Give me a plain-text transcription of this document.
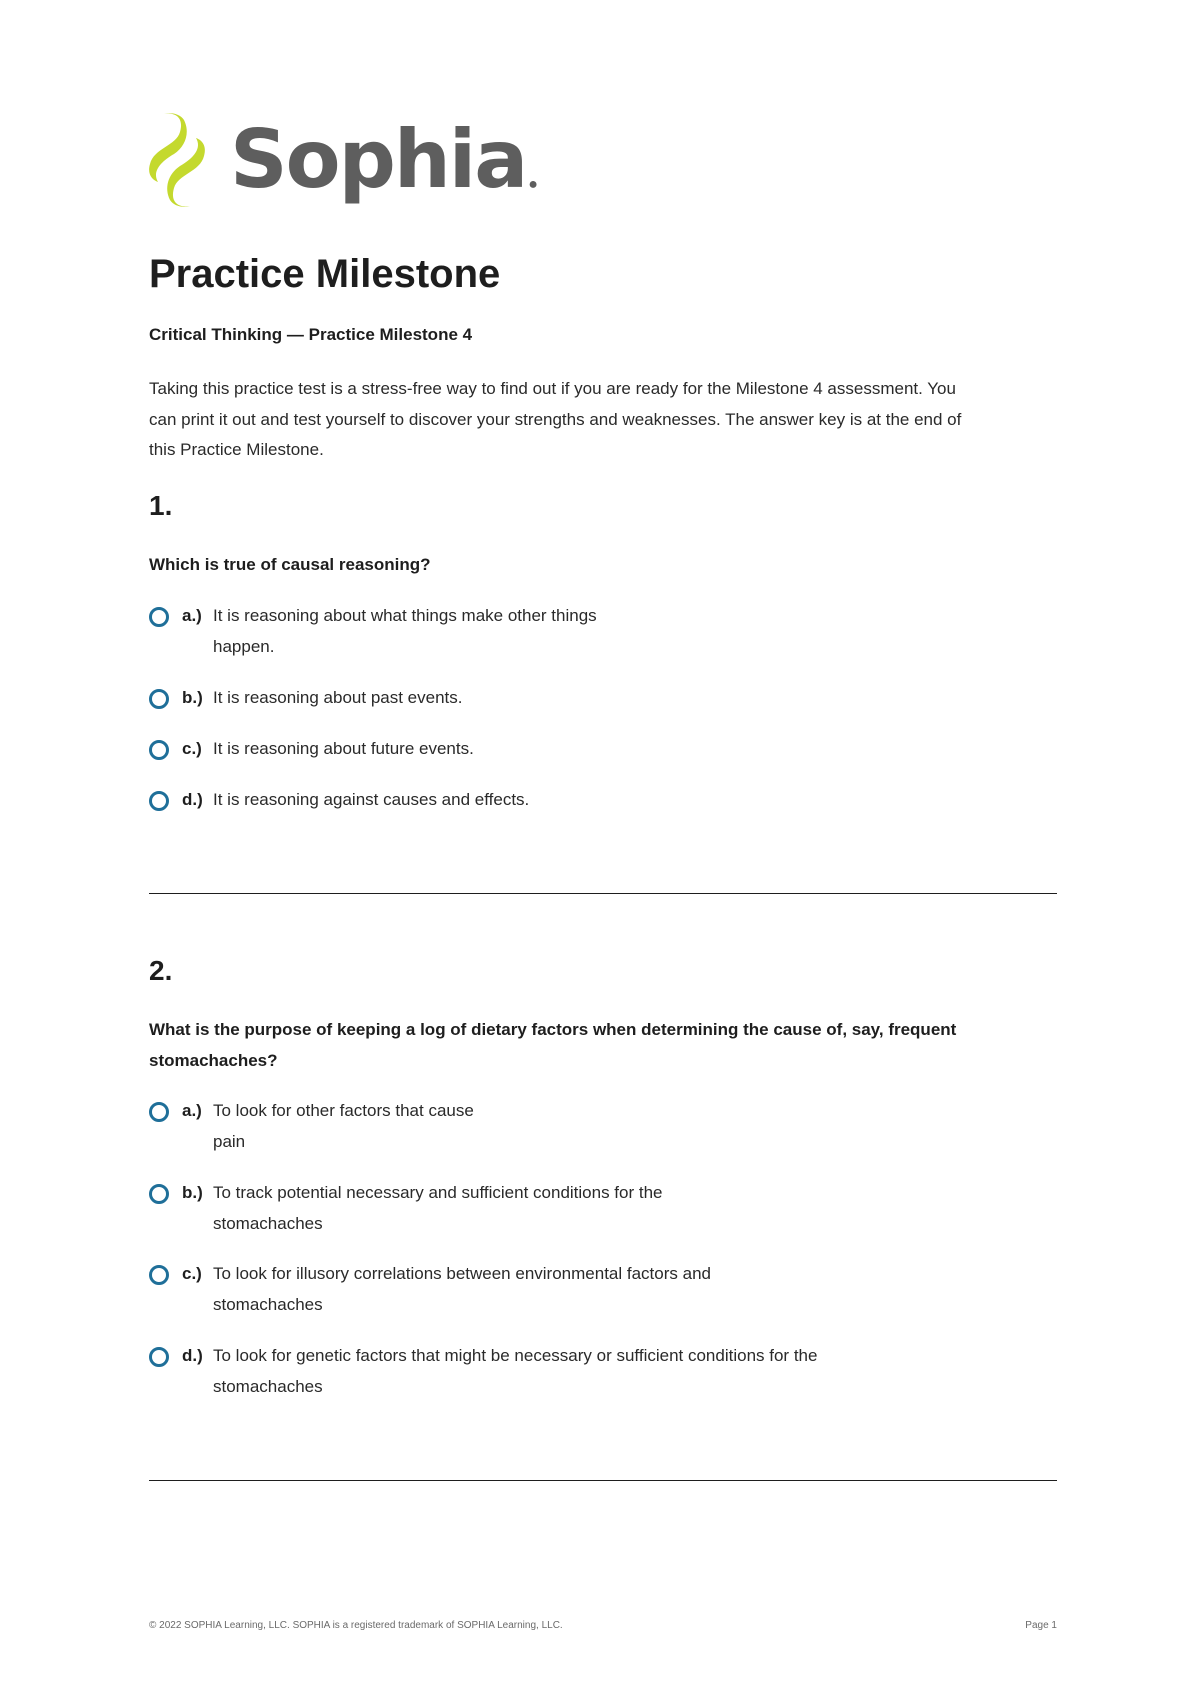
Sophia ●
Practice Milestone
Critical Thinking — Practice Milestone 4
Taking this practice test is a stress-free way to find out if you are ready for the Milestone 4 assessment. You
can print it out and test yourself to discover your strengths and weaknesses. The answer key is at the end of
this Practice Milestone.
1.
Which is true of causal reasoning?
a.) It is reasoning about what things make other things
happen.
b.) It is reasoning about past events.
c.) It is reasoning about future events.
d.) It is reasoning against causes and effects.
2.
What is the purpose of keeping a log of dietary factors when determining the cause of, say, frequent
stomachaches?
a.) To look for other factors that cause
pain
b.) To track potential necessary and sufficient conditions for the
stomachaches
c.) To look for illusory correlations between environmental factors and
stomachaches
d.) To look for genetic factors that might be necessary or sufficient conditions for the
stomachaches
© 2022 SOPHIA Learning, LLC. SOPHIA is a registered trademark of SOPHIA Learning, LLC.	Page 1
